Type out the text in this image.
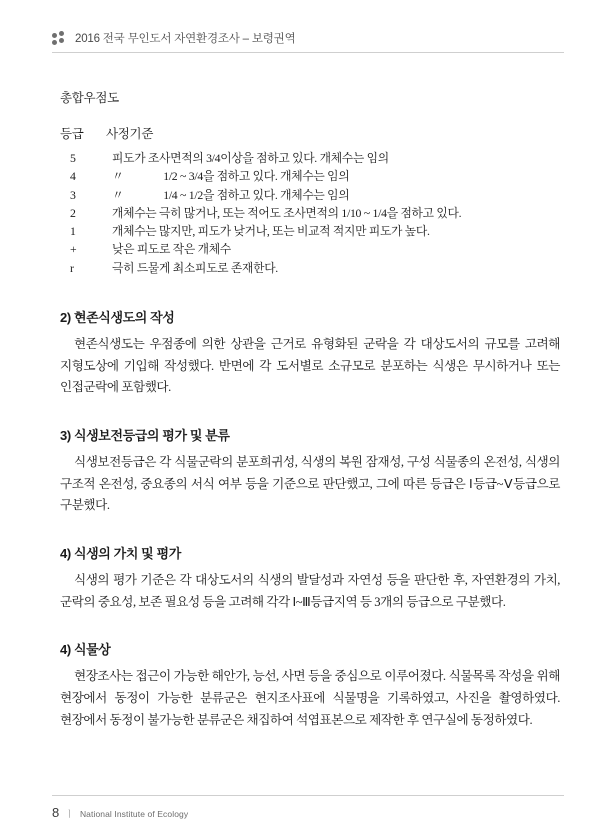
2016 전국 무인도서 자연환경조사 – 보령권역

총합우점도

등급	사정기준
5	피도가 조사면적의 3/4이상을 점하고 있다. 개체수는 임의
4	〃               1/2 ~ 3/4을 점하고 있다. 개체수는 임의
3	〃               1/4 ~ 1/2을 점하고 있다. 개체수는 임의
2	개체수는 극히 많거나, 또는 적어도 조사면적의 1/10 ~ 1/4을 점하고 있다.
1	개체수는 많지만, 피도가 낮거나, 또는 비교적 적지만 피도가 높다.
+	낮은 피도로 작은 개체수
r	극히 드물게 최소피도로 존재한다.
2) 현존식생도의 작성

현존식생도는 우점종에 의한 상관을 근거로 유형화된 군락을 각 대상도서의 규모를 고려해 지형도상에 기입해 작성했다. 반면에 각 도서별로 소규모로 분포하는 식생은 무시하거나 또는 인접군락에 포함했다.

3) 식생보전등급의 평가 및 분류

식생보전등급은 각 식물군락의 분포희귀성, 식생의 복원 잠재성, 구성 식물종의 온전성, 식생의 구조적 온전성, 중요종의 서식 여부 등을 기준으로 판단했고, 그에 따른 등급은 Ⅰ등급~Ⅴ등급으로 구분했다.

4) 식생의 가치 및 평가

식생의 평가 기준은 각 대상도서의 식생의 발달성과 자연성 등을 판단한 후, 자연환경의 가치, 군락의 중요성, 보존 필요성 등을 고려해 각각 Ⅰ~Ⅲ등급지역 등 3개의 등급으로 구분했다.

4) 식물상

현장조사는 접근이 가능한 해안가, 능선, 사면 등을 중심으로 이루어졌다. 식물목록 작성을 위해 현장에서 동정이 가능한 분류군은 현지조사표에 식물명을 기록하였고, 사진을 촬영하였다. 현장에서 동정이 불가능한 분류군은 채집하여 석엽표본으로 제작한 후 연구실에 동정하였다.

8 ㅣ National Institute of Ecology
